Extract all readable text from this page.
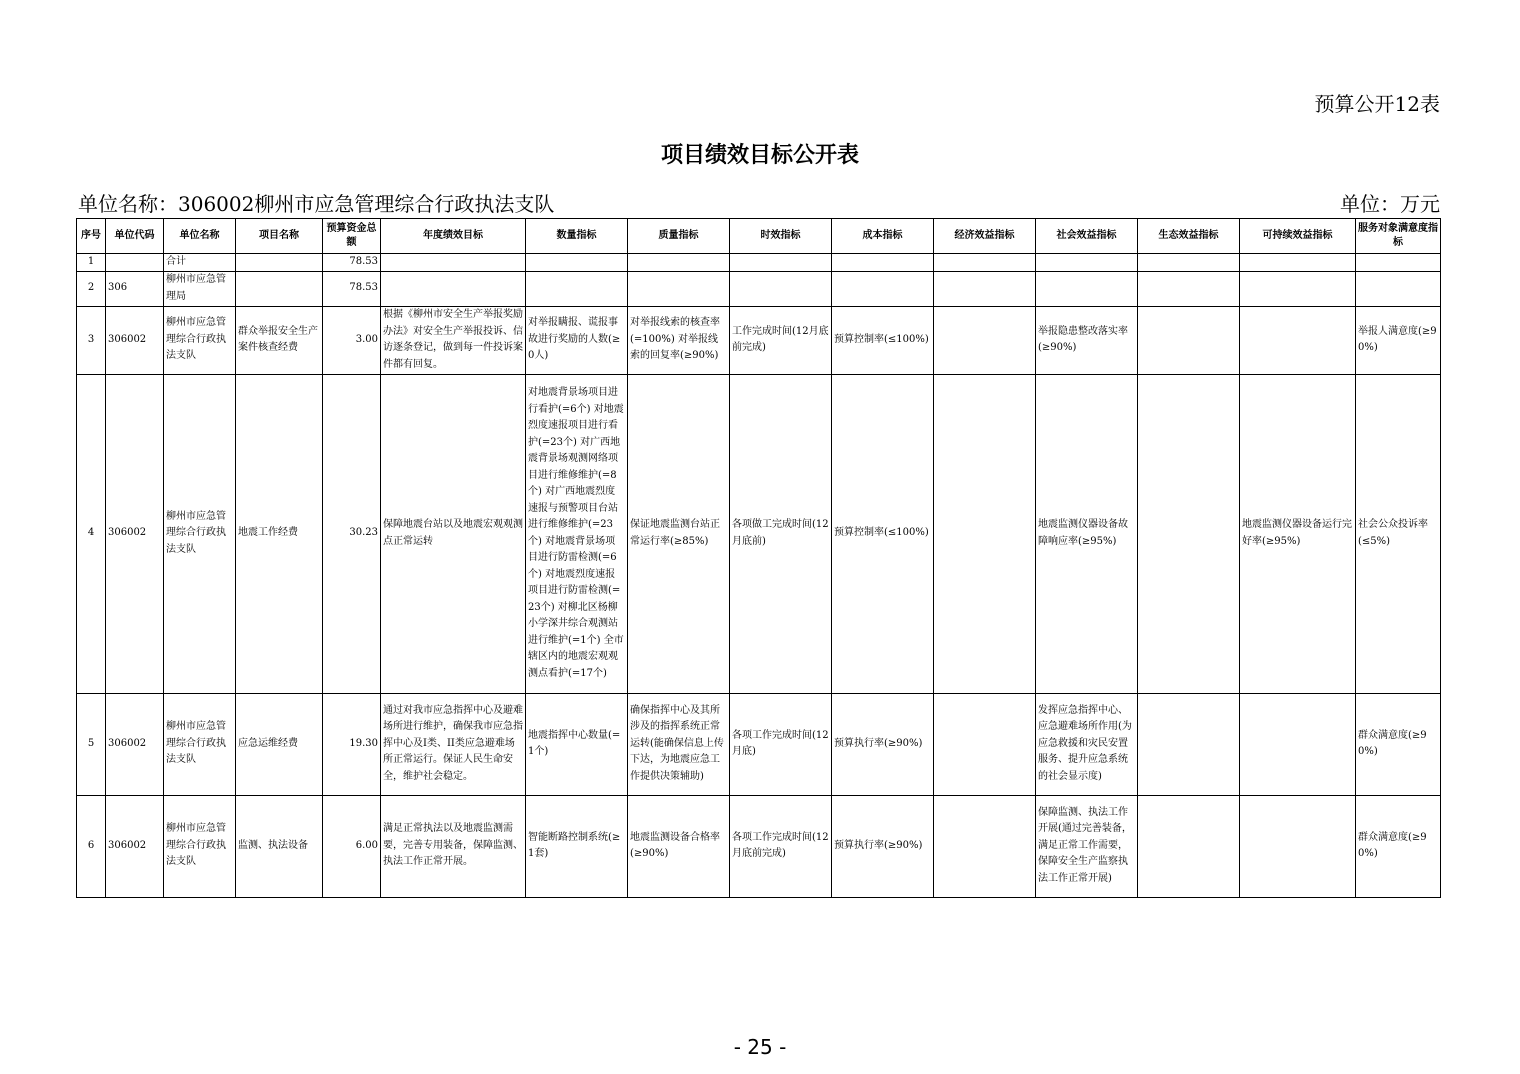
预算公开12表
项目绩效目标公开表
单位名称：306002柳州市应急管理综合行政执法支队	单位：万元
序号	单位代码	单位名称	项目名称	预算资金总额	年度绩效目标	数量指标	质量指标	时效指标	成本指标	经济效益指标	社会效益指标	生态效益指标	可持续效益指标	服务对象满意度指标
1		合计		78.53										
2	306	柳州市应急管理局		78.53										
3	306002	柳州市应急管理综合行政执法支队	群众举报安全生产案件核查经费	3.00	根据《柳州市安全生产举报奖励办法》对安全生产举报投诉、信访逐条登记，做到每一件投诉案件都有回复。	对举报瞒报、谎报事故进行奖励的人数(≥0人)	对举报线索的核查率(=100%) 对举报线索的回复率(≥90%)	工作完成时间(12月底前完成)	预算控制率(≤100%)		举报隐患整改落实率(≥90%)			举报人满意度(≥90%)
4	306002	柳州市应急管理综合行政执法支队	地震工作经费	30.23	保障地震台站以及地震宏观观测点正常运转	对地震背景场项目进行看护(=6个) 对地震烈度速报项目进行看护(=23个) 对广西地震背景场观测网络项目进行维修维护(=8个) 对广西地震烈度速报与预警项目台站进行维修维护(=23个) 对地震背景场项目进行防雷检测(=6个) 对地震烈度速报项目进行防雷检测(=23个) 对柳北区杨柳小学深井综合观测站进行维护(=1个) 全市辖区内的地震宏观观测点看护(=17个)	保证地震监测台站正常运行率(≥85%)	各项做工完成时间(12月底前)	预算控制率(≤100%)		地震监测仪器设备故障响应率(≥95%)		地震监测仪器设备运行完好率(≥95%)	社会公众投诉率(≤5%)
5	306002	柳州市应急管理综合行政执法支队	应急运维经费	19.30	通过对我市应急指挥中心及避难场所进行维护，确保我市应急指挥中心及I类、II类应急避难场所正常运行。保证人民生命安全，维护社会稳定。	地震指挥中心数量(=1个)	确保指挥中心及其所涉及的指挥系统正常运转(能确保信息上传下达，为地震应急工作提供决策辅助)	各项工作完成时间(12月底)	预算执行率(≥90%)		发挥应急指挥中心、应急避难场所作用(为应急救援和灾民安置服务、提升应急系统的社会显示度)			群众满意度(≥90%)
6	306002	柳州市应急管理综合行政执法支队	监测、执法设备	6.00	满足正常执法以及地震监测需要，完善专用装备，保障监测、执法工作正常开展。	智能断路控制系统(≥1套)	地震监测设备合格率(≥90%)	各项工作完成时间(12月底前完成)	预算执行率(≥90%)		保障监测、执法工作开展(通过完善装备，满足正常工作需要，保障安全生产监察执法工作正常开展)			群众满意度(≥90%)
- 25 -
